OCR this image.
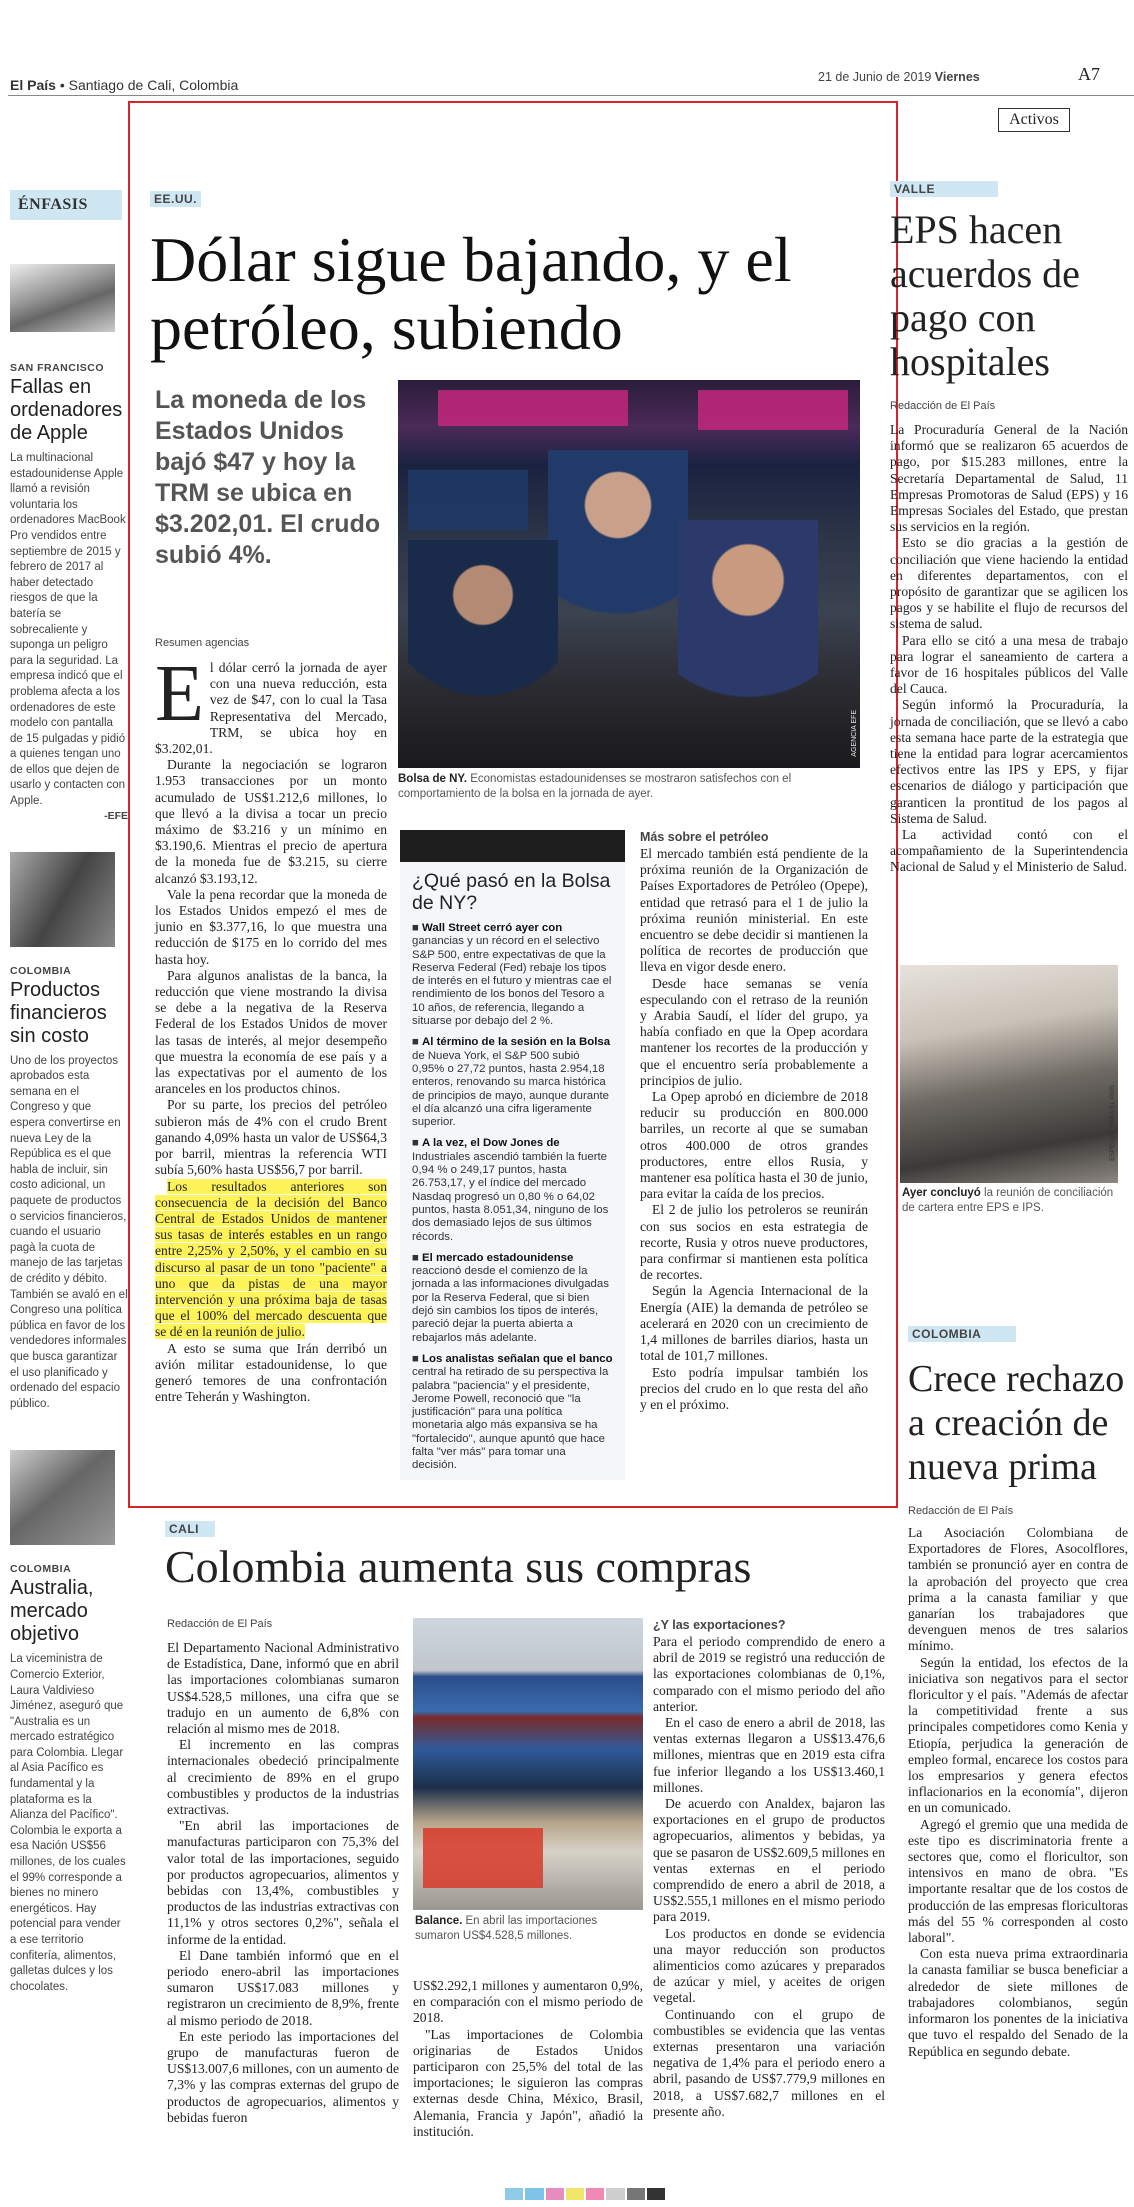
El País • Santiago de Cali, Colombia	21 de Junio de 2019 Viernes	A7
Activos
ÉNFASIS
SAN FRANCISCO
Fallas en ordenadores de Apple

La multinacional estadounidense Apple llamó a revisión voluntaria los ordenadores MacBook Pro vendidos entre septiembre de 2015 y febrero de 2017 al haber detectado riesgos de que la batería se sobrecaliente y suponga un peligro para la seguridad. La empresa indicó que el problema afecta a los ordenadores de este modelo con pantalla de 15 pulgadas y pidió a quienes tengan uno de ellos que dejen de usarlo y contacten con Apple.

-EFE
COLOMBIA
Productos financieros sin costo

Uno de los proyectos aprobados esta semana en el Congreso y que espera convertirse en nueva Ley de la República es el que habla de incluir, sin costo adicional, un paquete de productos o servicios financieros, cuando el usuario pagà la cuota de manejo de las tarjetas de crédito y débito. También se avaló en el Congreso una política pública en favor de los vendedores informales que busca garantizar el uso planificado y ordenado del espacio público.

COLOMBIA
Australia, mercado objetivo

La viceministra de Comercio Exterior, Laura Valdivieso Jiménez, aseguró que "Australia es un mercado estratégico para Colombia. Llegar al Asia Pacífico es fundamental y la plataforma es la Alianza del Pacífico". Colombia le exporta a esa Nación US$56 millones, de los cuales el 99% corresponde a bienes no minero energéticos. Hay potencial para vender a ese territorio confitería, alimentos, galletas dulces y los chocolates.

EE.UU.
Dólar sigue bajando, y el petróleo, subiendo
La moneda de los Estados Unidos bajó $47 y hoy la TRM se ubica en $3.202,01. El crudo subió 4%.
Resumen agencias
E l dólar cerró la jornada de ayer con una nueva reducción, esta vez de $47, con lo cual la Tasa Representativa del Mercado, TRM, se ubica hoy en $3.202,01.

Durante la negociación se lograron 1.953 transacciones por un monto acumulado de US$1.212,6 millones, lo que llevó a la divisa a tocar un precio máximo de $3.216 y un mínimo en $3.190,6. Mientras el precio de apertura de la moneda fue de $3.215, su cierre alcanzó $3.193,12.

Vale la pena recordar que la moneda de los Estados Unidos empezó el mes de junio en $3.377,16, lo que muestra una reducción de $175 en lo corrido del mes hasta hoy.

Para algunos analistas de la banca, la reducción que viene mostrando la divisa se debe a la negativa de la Reserva Federal de los Estados Unidos de mover las tasas de interés, al mejor desempeño que muestra la economía de ese país y a las expectativas por el aumento de los aranceles en los productos chinos.

Por su parte, los precios del petróleo subieron más de 4% con el crudo Brent ganando 4,09% hasta un valor de US$64,3 por barril, mientras la referencia WTI subía 5,60% hasta US$56,7 por barril.

Los resultados anteriores son consecuencia de la decisión del Banco Central de Estados Unidos de mantener sus tasas de interés estables en un rango entre 2,25% y 2,50%, y el cambio en su discurso al pasar de un tono "paciente" a uno que da pistas de una mayor intervención y una próxima baja de tasas que el 100% del mercado descuenta que se dé en la reunión de julio.

A esto se suma que Irán derribó un avión militar estadounidense, lo que generó temores de una confrontación entre Teherán y Washington.

AGENCIA EFE
Bolsa de NY. Economistas estadounidenses se mostraron satisfechos con el comportamiento de la bolsa en la jornada de ayer.
¿Qué pasó en la Bolsa de NY?

■ Wall Street cerró ayer con ganancias y un récord en el selectivo S&P 500, entre expectativas de que la Reserva Federal (Fed) rebaje los tipos de interés en el futuro y mientras cae el rendimiento de los bonos del Tesoro a 10 años, de referencia, llegando a situarse por debajo del 2 %.

■ Al término de la sesión en la Bolsa de Nueva York, el S&P 500 subió 0,95% o 27,72 puntos, hasta 2.954,18 enteros, renovando su marca histórica de principios de mayo, aunque durante el día alcanzó una cifra ligeramente superior.

■ A la vez, el Dow Jones de Industriales ascendió también la fuerte 0,94 % o 249,17 puntos, hasta 26.753,17, y el índice del mercado Nasdaq progresó un 0,80 % o 64,02 puntos, hasta 8.051,34, ninguno de los dos demasiado lejos de sus últimos récords.

■ El mercado estadounidense reaccionó desde el comienzo de la jornada a las informaciones divulgadas por la Reserva Federal, que si bien dejó sin cambios los tipos de interés, pareció dejar la puerta abierta a rebajarlos más adelante.

■ Los analistas señalan que el banco central ha retirado de su perspectiva la palabra "paciencia" y el presidente, Jerome Powell, reconoció que "la justificación" para una política monetaria algo más expansiva se ha "fortalecido", aunque apuntó que hace falta "ver más" para tomar una decisión.

Más sobre el petróleo

El mercado también está pendiente de la próxima reunión de la Organización de Países Exportadores de Petróleo (Opepe), entidad que retrasó para el 1 de julio la próxima reunión ministerial. En este encuentro se debe decidir si mantienen la política de recortes de producción que lleva en vigor desde enero.

Desde hace semanas se venía especulando con el retraso de la reunión y Arabia Saudí, el líder del grupo, ya había confiado en que la Opep acordara mantener los recortes de la producción y que el encuentro sería probablemente a principios de julio.

La Opep aprobó en diciembre de 2018 reducir su producción en 800.000 barriles, un recorte al que se sumaban otros 400.000 de otros grandes productores, entre ellos Rusia, y mantener esa política hasta el 30 de junio, para evitar la caída de los precios.

El 2 de julio los petroleros se reunirán con sus socios en esta estrategia de recorte, Rusia y otros nueve productores, para confirmar si mantienen esta política de recortes.

Según la Agencia Internacional de la Energía (AIE) la demanda de petróleo se acelerará en 2020 con un crecimiento de 1,4 millones de barriles diarios, hasta un total de 101,7 millones.

Esto podría impulsar también los precios del crudo en lo que resta del año y en el próximo.

VALLE
EPS hacen acuerdos de pago con hospitales
Redacción de El País

La Procuraduría General de la Nación informó que se realizaron 65 acuerdos de pago, por $15.283 millones, entre la Secretaría Departamental de Salud, 11 Empresas Promotoras de Salud (EPS) y 16 Empresas Sociales del Estado, que prestan sus servicios en la región.

Esto se dio gracias a la gestión de conciliación que viene haciendo la entidad en diferentes departamentos, con el propósito de garantizar que se agilicen los pagos y se habilite el flujo de recursos del sistema de salud.

Para ello se citó a una mesa de trabajo para lograr el saneamiento de cartera a favor de 16 hospitales públicos del Valle del Cauca.

Según informó la Procuraduría, la jornada de conciliación, que se llevó a cabo esta semana hace parte de la estrategia que tiene la entidad para lograr acercamientos efectivos entre las IPS y EPS, y fijar escenarios de diálogo y participación que garanticen la prontitud de los pagos al Sistema de Salud.

La actividad contó con el acompañamiento de la Superintendencia Nacional de Salud y el Ministerio de Salud.

ESPECIAL PARA EL PAÍS
Ayer concluyó la reunión de conciliación de cartera entre EPS e IPS.
COLOMBIA
Crece rechazo a creación de nueva prima
Redacción de El País

La Asociación Colombiana de Exportadores de Flores, Asocolflores, también se pronunció ayer en contra de la aprobación del proyecto que crea prima a la canasta familiar y que ganarían los trabajadores que devenguen menos de tres salarios mínimo.

Según la entidad, los efectos de la iniciativa son negativos para el sector floricultor y el país. "Además de afectar la competitividad frente a sus principales competidores como Kenia y Etiopía, perjudica la generación de empleo formal, encarece los costos para los empresarios y genera efectos inflacionarios en la economía", dijeron en un comunicado.

Agregó el gremio que una medida de este tipo es discriminatoria frente a sectores que, como el floricultor, son intensivos en mano de obra. "Es importante resaltar que de los costos de producción de las empresas floricultoras más del 55 % corresponden al costo laboral".

Con esta nueva prima extraordinaria la canasta familiar se busca beneficiar a alrededor de siete millones de trabajadores colombianos, según informaron los ponentes de la iniciativa que tuvo el respaldo del Senado de la República en segundo debate.

CALI
Colombia aumenta sus compras
Redacción de El País

El Departamento Nacional Administrativo de Estadística, Dane, informó que en abril las importaciones colombianas sumaron US$4.528,5 millones, una cifra que se tradujo en un aumento de 6,8% con relación al mismo mes de 2018.

El incremento en las compras internacionales obedeció principalmente al crecimiento de 89% en el grupo combustibles y productos de la industrias extractivas.

"En abril las importaciones de manufacturas participaron con 75,3% del valor total de las importaciones, seguido por productos agropecuarios, alimentos y bebidas con 13,4%, combustibles y productos de las industrias extractivas con 11,1% y otros sectores 0,2%", señala el informe de la entidad.

El Dane también informó que en el periodo enero-abril las importaciones sumaron US$17.083 millones y registraron un crecimiento de 8,9%, frente al mismo periodo de 2018.

En este periodo las importaciones del grupo de manufacturas fueron de US$13.007,6 millones, con un aumento de 7,3% y las compras externas del grupo de productos de agropecuarios, alimentos y bebidas fueron

Balance. En abril las importaciones sumaron US$4.528,5 millones.

US$2.292,1 millones y aumentaron 0,9%, en comparación con el mismo periodo de 2018.

"Las importaciones de Colombia originarias de Estados Unidos participaron con 25,5% del total de las importaciones; le siguieron las compras externas desde China, México, Brasil, Alemania, Francia y Japón", añadió la institución.

¿Y las exportaciones?

Para el periodo comprendido de enero a abril de 2019 se registró una reducción de las exportaciones colombianas de 0,1%, comparado con el mismo periodo del año anterior.

En el caso de enero a abril de 2018, las ventas externas llegaron a US$13.476,6 millones, mientras que en 2019 esta cifra fue inferior llegando a los US$13.460,1 millones.

De acuerdo con Analdex, bajaron las exportaciones en el grupo de productos agropecuarios, alimentos y bebidas, ya que se pasaron de US$2.609,5 millones en ventas externas en el periodo comprendido de enero a abril de 2018, a US$2.555,1 millones en el mismo periodo para 2019.

Los productos en donde se evidencia una mayor reducción son productos alimenticios como azúcares y preparados de azúcar y miel, y aceites de origen vegetal.

Continuando con el grupo de combustibles se evidencia que las ventas externas presentaron una variación negativa de 1,4% para el periodo enero a abril, pasando de US$7.779,9 millones en 2018, a US$7.682,7 millones en el presente año.
